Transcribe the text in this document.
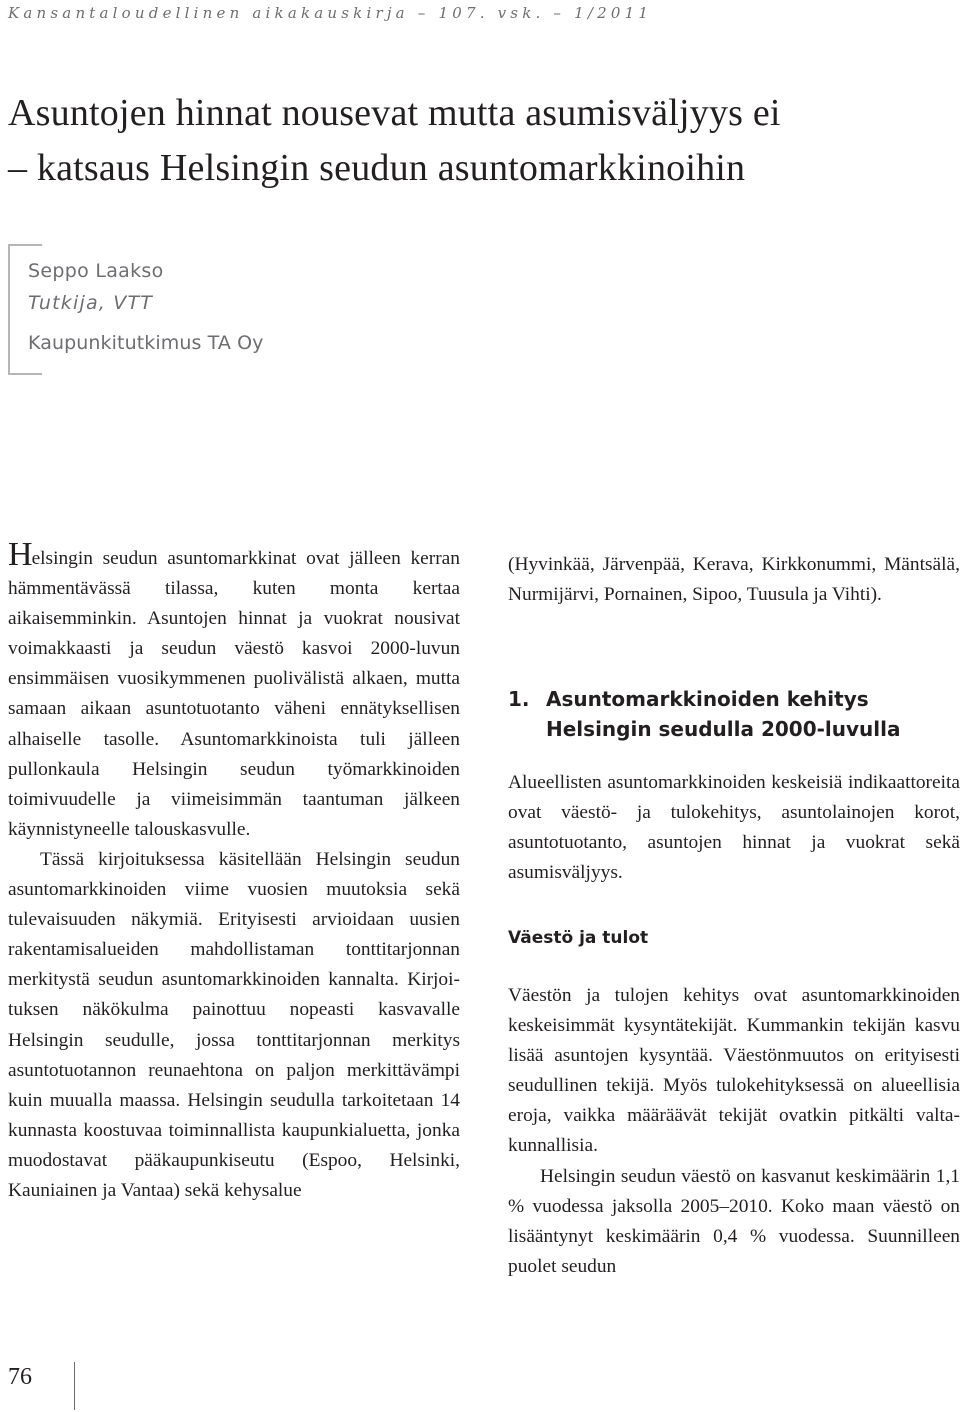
Kansantaloudellinen aikakauskirja – 107. vsk. – 1/2011
Asuntojen hinnat nousevat mutta asumisväljyys ei
– katsaus Helsingin seudun asuntomarkkinoihin
Seppo Laakso
Tutkija, VTT
Kaupunkitutkimus TA Oy

Helsingin seudun asuntomarkkinat ovat jälleen kerran hämmentävässä tilassa, kuten monta kertaa aikaisemminkin. Asuntojen hinnat ja vuokrat nousivat voimakkaasti ja seudun väestö kasvoi 2000-luvun ensimmäisen vuosikymmenen puolivälistä alkaen, mutta samaan aikaan asuntotuotanto väheni ennätyksellisen alhaiselle tasolle. Asuntomarkkinoista tuli jälleen pullonkaula Helsingin seudun työmarkkinoiden toimivuudelle ja viimeisimmän taantuman jälkeen käynnistyneelle talouskasvulle.

Tässä kirjoituksessa käsitellään Helsingin seudun asuntomarkkinoiden viime vuosien muutoksia sekä tulevaisuuden näkymiä. Erityisesti arvioidaan uusien rakentamisalueiden mahdollistaman tonttitarjonnan merkitystä seudun asuntomarkkinoiden kannalta. Kirjoituksen näkökulma painottuu nopeasti kasvavalle Helsingin seudulle, jossa tonttitarjonnan merkitys asuntotuotannon reunaehtona on paljon merkittävämpi kuin muualla maassa. Helsingin seudulla tarkoitetaan 14 kunnasta koostuvaa toiminnallista kaupunkialuetta, jonka muodostavat pääkaupunkiseutu (Espoo, Helsinki, Kauniainen ja Vantaa) sekä kehysalue

(Hyvinkää, Järvenpää, Kerava, Kirkkonummi, Mäntsälä, Nurmijärvi, Pornainen, Sipoo, Tuusula ja Vihti).

1. Asuntomarkkinoiden kehitys
Helsingin seudulla 2000-luvulla

Alueellisten asuntomarkkinoiden keskeisiä indikaattoreita ovat väestö- ja tulokehitys, asuntolainojen korot, asuntotuotanto, asuntojen hinnat ja vuokrat sekä asumisväljyys.

Väestö ja tulot

Väestön ja tulojen kehitys ovat asuntomarkkinoiden keskeisimmät kysyntätekijät. Kummankin tekijän kasvu lisää asuntojen kysyntää. Väestönmuutos on erityisesti seudullinen tekijä. Myös tulokehityksessä on alueellisia eroja, vaikka määräävät tekijät ovatkin pitkälti valtakunnallisia.

Helsingin seudun väestö on kasvanut keskimäärin 1,1 % vuodessa jaksolla 2005–2010. Koko maan väestö on lisääntynyt keskimäärin 0,4 % vuodessa. Suunnilleen puolet seudun

76
